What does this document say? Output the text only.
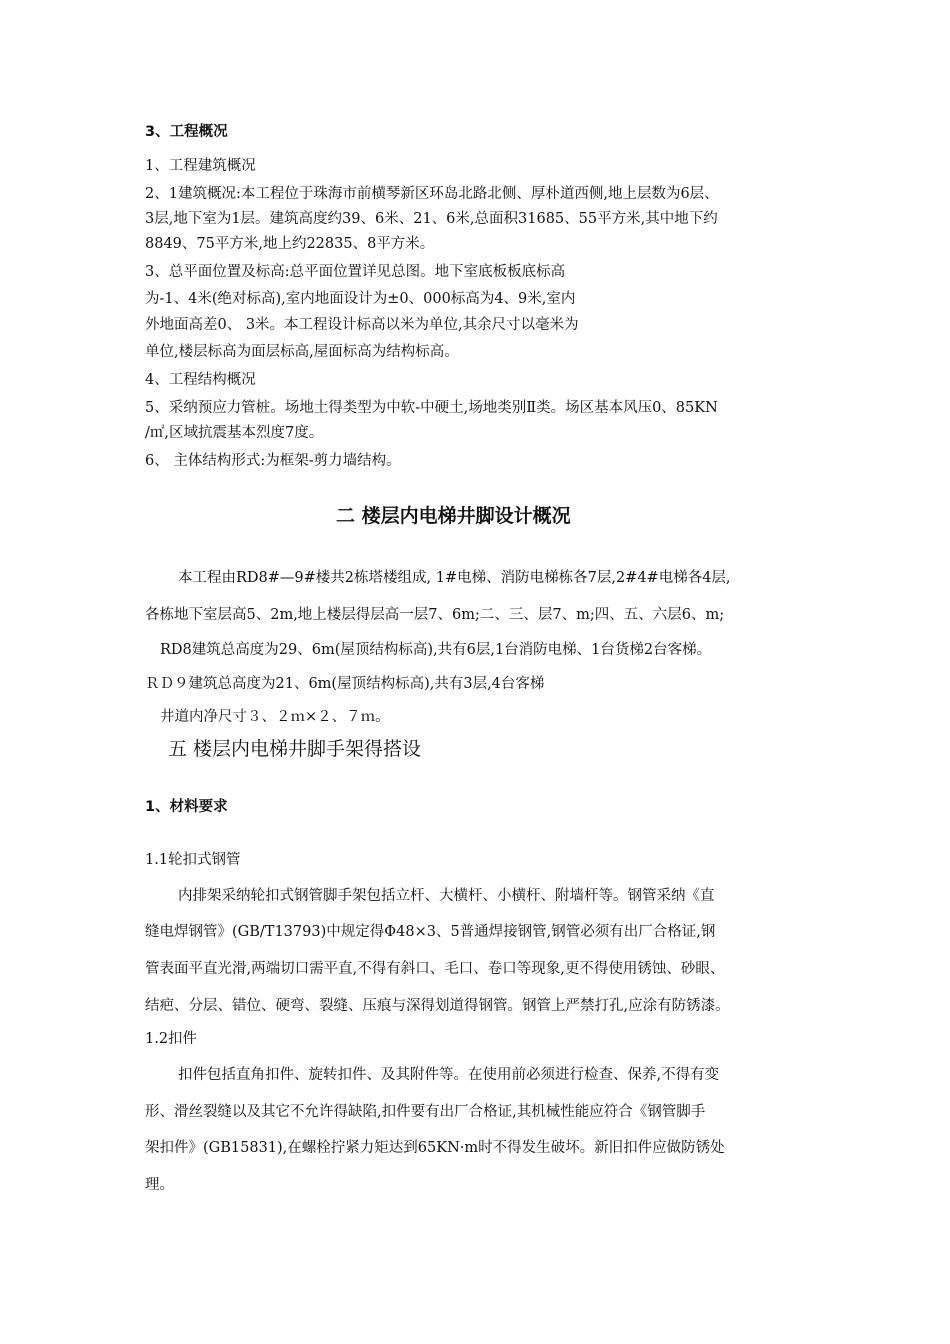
3、工程概况
1、工程建筑概况
2、1建筑概况:本工程位于珠海市前横琴新区环岛北路北侧、厚朴道西侧,地上层数为6层、
3层,地下室为1层。建筑高度约39、6米、21、6米,总面积31685、55平方米,其中地下约
8849、75平方米,地上约22835、8平方米。
3、总平面位置及标高:总平面位置详见总图。地下室底板板底标高
为-1、4米(绝对标高),室内地面设计为±0、000标高为4、9米,室内
外地面高差0、 3米。本工程设计标高以米为单位,其余尺寸以毫米为
单位,楼层标高为面层标高,屋面标高为结构标高。
4、工程结构概况
5、采纳预应力管桩。场地土得类型为中软-中硬土,场地类别Ⅱ类。场区基本风压0、85KN
/㎡,区域抗震基本烈度7度。
6、 主体结构形式:为框架-剪力墙结构。
二 楼层内电梯井脚设计概况
本工程由RD8#—9#楼共2栋塔楼组成, 1#电梯、消防电梯栋各7层,2#4#电梯各4层,
各栋地下室层高5、2m,地上楼层得层高一层7、6m;二、三、层7、m;四、五、六层6、m;
RD8建筑总高度为29、6m(屋顶结构标高),共有6层,1台消防电梯、1台货梯2台客梯。
ＲＤ９建筑总高度为21、6m(屋顶结构标高),共有3层,4台客梯
井道内净尺寸３、２ｍ×２、７ｍ。
五 楼层内电梯井脚手架得搭设
1、材料要求
1.1轮扣式钢管
内排架采纳轮扣式钢管脚手架包括立杆、大横杆、小横杆、附墙杆等。钢管采纳《直
缝电焊钢管》(GB/T13793)中规定得Φ48×3、5普通焊接钢管,钢管必须有出厂合格证,钢
管表面平直光滑,两端切口需平直,不得有斜口、毛口、卷口等现象,更不得使用锈蚀、砂眼、
结疤、分层、错位、硬弯、裂缝、压痕与深得划道得钢管。钢管上严禁打孔,应涂有防锈漆。
1.2扣件
扣件包括直角扣件、旋转扣件、及其附件等。在使用前必须进行检查、保养,不得有变
形、滑丝裂缝以及其它不允许得缺陷,扣件要有出厂合格证,其机械性能应符合《钢管脚手
架扣件》(GB15831),在螺栓拧紧力矩达到65KN·m时不得发生破坏。新旧扣件应做防锈处
理。
